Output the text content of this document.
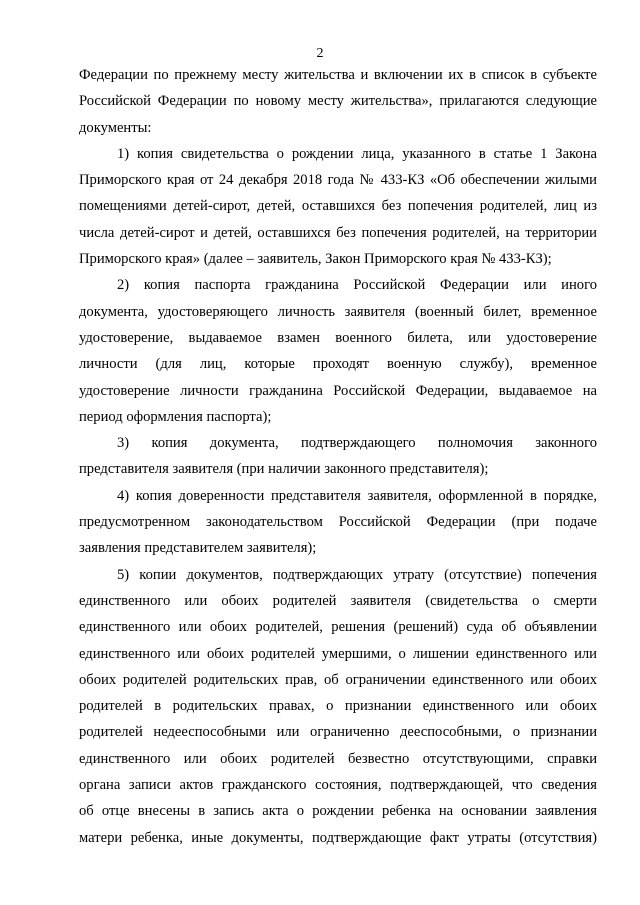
2
Федерации по прежнему месту жительства и включении их в список в субъекте
Российской Федерации по новому месту жительства», прилагаются следующие
документы:
1) копия свидетельства о рождении лица, указанного в статье 1 Закона
Приморского края от 24 декабря 2018 года № 433-КЗ «Об обеспечении жилыми
помещениями детей-сирот, детей, оставшихся без попечения родителей, лиц из
числа детей-сирот и детей, оставшихся без попечения родителей, на территории
Приморского края» (далее – заявитель, Закон Приморского края № 433-КЗ);
2) копия паспорта гражданина Российской Федерации или иного
документа, удостоверяющего личность заявителя (военный билет, временное
удостоверение, выдаваемое взамен военного билета, или удостоверение
личности (для лиц, которые проходят военную службу), временное
удостоверение личности гражданина Российской Федерации, выдаваемое на
период оформления паспорта);
3) копия документа, подтверждающего полномочия законного
представителя заявителя (при наличии законного представителя);
4) копия доверенности представителя заявителя, оформленной в порядке,
предусмотренном законодательством Российской Федерации (при подаче
заявления представителем заявителя);
5) копии документов, подтверждающих утрату (отсутствие) попечения
единственного или обоих родителей заявителя (свидетельства о смерти
единственного или обоих родителей, решения (решений) суда об объявлении
единственного или обоих родителей умершими, о лишении единственного или
обоих родителей родительских прав, об ограничении единственного или обоих
родителей в родительских правах, о признании единственного или обоих
родителей недееспособными или ограниченно дееспособными, о признании
единственного или обоих родителей безвестно отсутствующими, справки
органа записи актов гражданского состояния, подтверждающей, что сведения
об отце внесены в запись акта о рождении ребенка на основании заявления
матери ребенка, иные документы, подтверждающие факт утраты (отсутствия)
